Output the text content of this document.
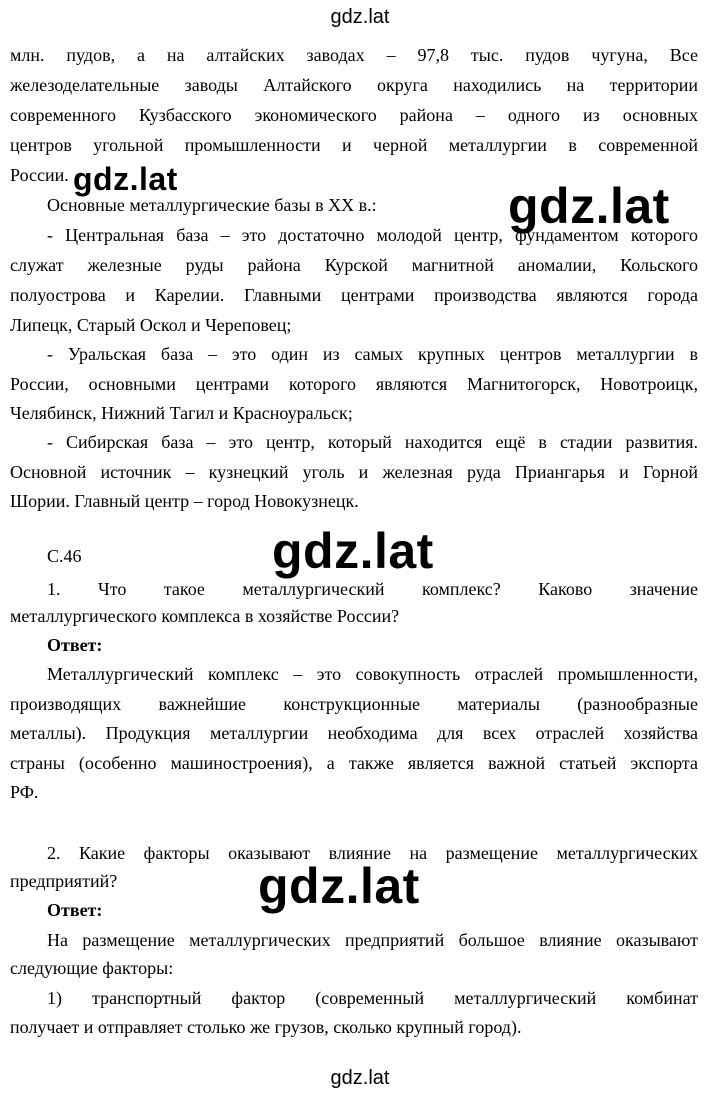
gdz.lat
млн. пудов, а на алтайских заводах – 97,8 тыс. пудов чугуна, Все
железоделательные заводы Алтайского округа находились на территории
современного Кузбасского экономического района – одного из основных
центров угольной промышленности и черной металлургии в современной
России.
Основные металлургические базы в XX в.:
- Центральная база – это достаточно молодой центр, фундаментом которого
служат железные руды района Курской магнитной аномалии, Кольского
полуострова и Карелии. Главными центрами производства являются города
Липецк, Старый Оскол и Череповец;
- Уральская база – это один из самых крупных центров металлургии в
России, основными центрами которого являются Магнитогорск, Новотроицк,
Челябинск, Нижний Тагил и Красноуральск;
- Сибирская база – это центр, который находится ещё в стадии развития.
Основной источник – кузнецкий уголь и железная руда Приангарья и Горной
Шории. Главный центр – город Новокузнецк.
С.46
1. Что такое металлургический комплекс? Каково значение
металлургического комплекса в хозяйстве России?
Ответ:
Металлургический комплекс – это совокупность отраслей промышленности,
производящих важнейшие конструкционные материалы (разнообразные
металлы). Продукция металлургии необходима для всех отраслей хозяйства
страны (особенно машиностроения), а также является важной статьей экспорта
РФ.
2. Какие факторы оказывают влияние на размещение металлургических
предприятий?
Ответ:
На размещение металлургических предприятий большое влияние оказывают
следующие факторы:
1) транспортный фактор (современный металлургический комбинат
получает и отправляет столько же грузов, сколько крупный город).
gdz.lat	gdz.lat
gdz.lat
gdz.lat
gdz.lat
